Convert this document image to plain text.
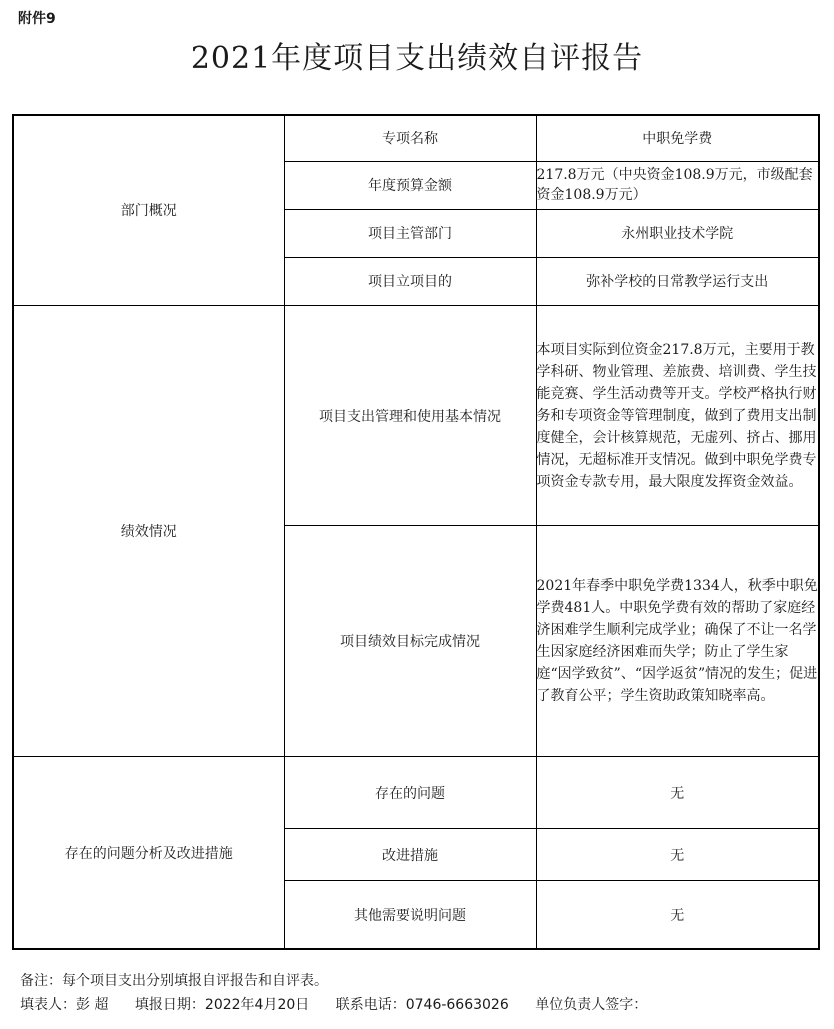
附件9
2021年度项目支出绩效自评报告
部门概况	专项名称	中职免学费
	年度预算金额	217.8万元（中央资金108.9万元，市级配套资金108.9万元）
	项目主管部门	永州职业技术学院
	项目立项目的	弥补学校的日常教学运行支出
绩效情况	项目支出管理和使用基本情况	本项目实际到位资金217.8万元，主要用于教学科研、物业管理、差旅费、培训费、学生技能竞赛、学生活动费等开支。学校严格执行财务和专项资金等管理制度，做到了费用支出制度健全，会计核算规范，无虚列、挤占、挪用情况，无超标准开支情况。做到中职免学费专项资金专款专用，最大限度发挥资金效益。
	项目绩效目标完成情况	2021年春季中职免学费1334人，秋季中职免学费481人。中职免学费有效的帮助了家庭经济困难学生顺利完成学业；确保了不让一名学生因家庭经济困难而失学；防止了学生家庭“因学致贫”、“因学返贫”情况的发生；促进了教育公平；学生资助政策知晓率高。
存在的问题分析及改进措施	存在的问题	无
	改进措施	无
	其他需要说明问题	无
备注：每个项目支出分别填报自评报告和自评表。
填表人：彭 超 填报日期：2022年4月20日 联系电话：0746-6663026 单位负责人签字：
